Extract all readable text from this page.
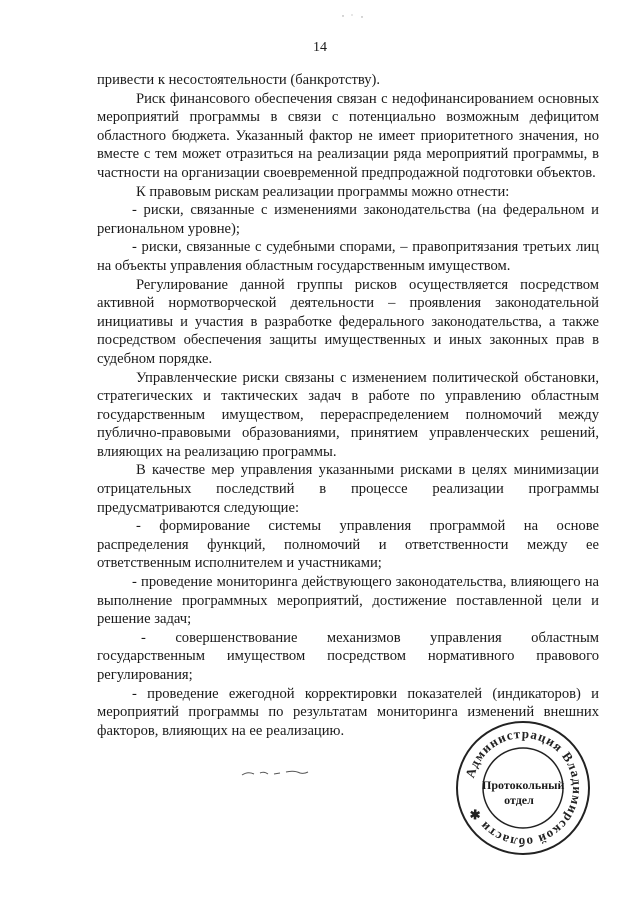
14

привести к несостоятельности (банкротству).

Риск финансового обеспечения связан с недофинансированием основных мероприятий программы в связи с потенциально возможным дефицитом областного бюджета. Указанный фактор не имеет приоритетного значения, но вместе с тем может отразиться на реализации ряда мероприятий программы, в частности на организации своевременной предпродажной подготовки объектов.

К правовым рискам реализации программы можно отнести:

- риски, связанные с изменениями законодательства (на федеральном и региональном уровне);

- риски, связанные с судебными спорами, – правопритязания третьих лиц на объекты управления областным государственным имуществом.

Регулирование данной группы рисков осуществляется посредством активной нормотворческой деятельности – проявления законодательной инициативы и участия в разработке федерального законодательства, а также посредством обеспечения защиты имущественных и иных законных прав в судебном порядке.

Управленческие риски связаны с изменением политической обстановки, стратегических и тактических задач в работе по управлению областным государственным имуществом, перераспределением полномочий между публично-правовыми образованиями, принятием управленческих решений, влияющих на реализацию программы.

В качестве мер управления указанными рисками в целях минимизации отрицательных последствий в процессе реализации программы предусматриваются следующие:

- формирование системы управления программой на основе распределения функций, полномочий и ответственности между ее ответственным исполнителем и участниками;

- проведение мониторинга действующего законодательства, влияющего на выполнение программных мероприятий, достижение поставленной цели и решение задач;

- совершенствование механизмов управления областным государственным имуществом посредством нормативного правового регулирования;

- проведение ежегодной корректировки показателей (индикаторов) и мероприятий программы по результатам мониторинга изменений внешних факторов, влияющих на ее реализацию.

Администрация Владимирской области ✱
Протокольный
отдел
